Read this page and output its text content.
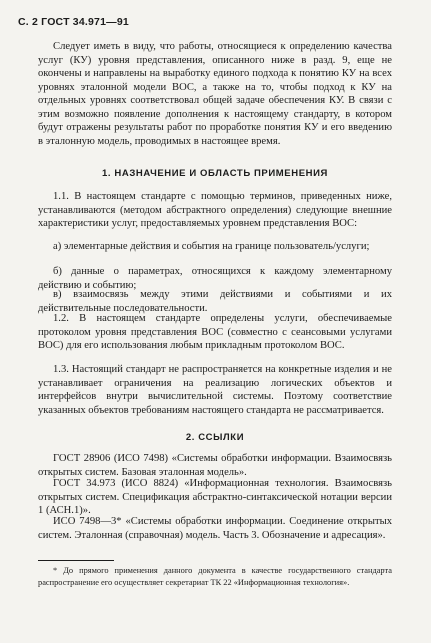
С. 2 ГОСТ 34.971—91

Следует иметь в виду, что работы, относящиеся к определению качества услуг (КУ) уровня представления, описанного ниже в разд. 9, еще не окончены и направлены на выработку единого подхода к понятию КУ на всех уровнях эталонной модели ВОС, а также на то, чтобы подход к КУ на отдельных уровнях соответствовал общей задаче обеспечения КУ. В связи с этим возможно появление дополнения к настоящему стандарту, в котором будут отражены результаты работ по проработке понятия КУ и его введению в эталонную модель, проводимых в настоящее время.

1. НАЗНАЧЕНИЕ И ОБЛАСТЬ ПРИМЕНЕНИЯ

1.1. В настоящем стандарте с помощью терминов, приведенных ниже, устанавливаются (методом абстрактного определения) следующие внешние характеристики услуг, предоставляемых уровнем представления ВОС:

а) элементарные действия и события на границе пользователь/услуги;

б) данные о параметрах, относящихся к каждому элементарному действию и событию;

в) взаимосвязь между этими действиями и событиями и их действительные последовательности.

1.2. В настоящем стандарте определены услуги, обеспечиваемые протоколом уровня представления ВОС (совместно с сеансовыми услугами ВОС) для его использования любым прикладным протоколом ВОС.

1.3. Настоящий стандарт не распространяется на конкретные изделия и не устанавливает ограничения на реализацию логических объектов и интерфейсов внутри вычислительной системы. Поэтому соответствие указанных объектов требованиям настоящего стандарта не рассматривается.

2. ССЫЛКИ

ГОСТ 28906 (ИСО 7498) «Системы обработки информации. Взаимосвязь открытых систем. Базовая эталонная модель».

ГОСТ 34.973 (ИСО 8824) «Информационная технология. Взаимосвязь открытых систем. Спецификация абстрактно-синтаксической нотации версии 1 (АСН.1)».

ИСО 7498—3* «Системы обработки информации. Соединение открытых систем. Эталонная (справочная) модель. Часть 3. Обозначение и адресация».

* До прямого применения данного документа в качестве государственного стандарта распространение его осуществляет секретариат ТК 22 «Информационная технология».
